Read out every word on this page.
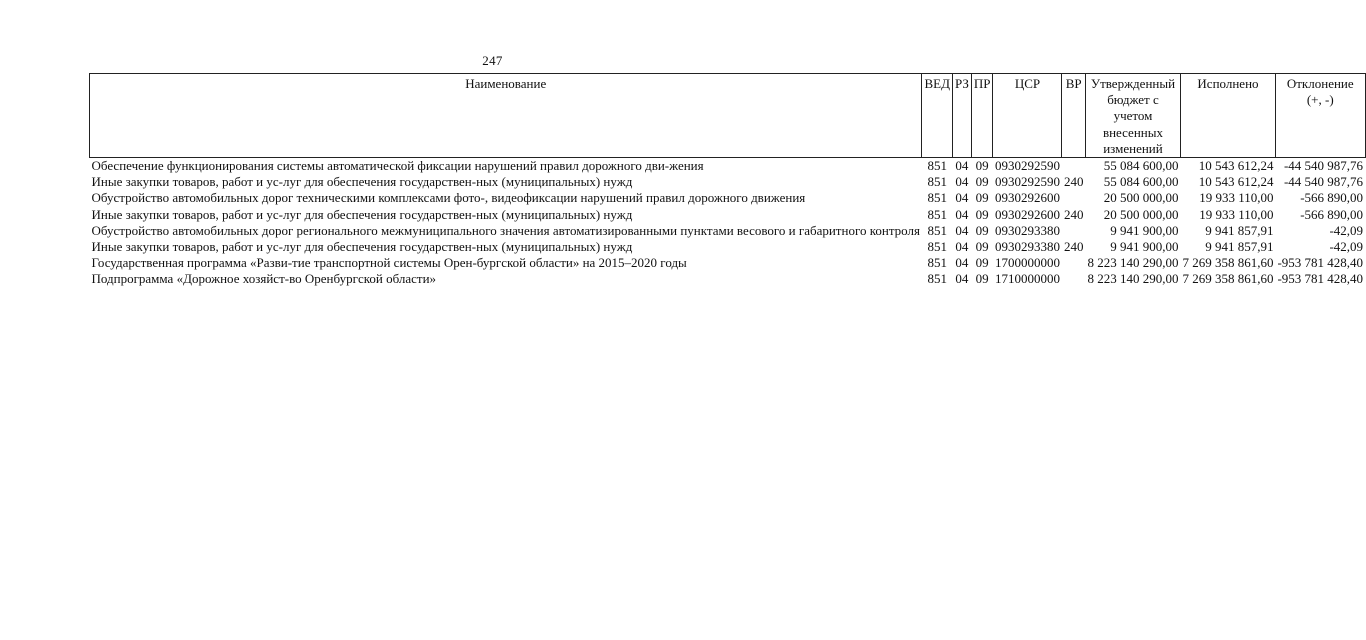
247
Наименование	ВЕД	РЗ	ПР	ЦСР	ВР	Утвержденный бюджет с учетом внесенных изменений	Исполнено	Отклонение (+, -)
Обеспечение функционирования системы автоматической фиксации нарушений правил дорожного дви-жения	851	04	09	0930292590		55 084 600,00	10 543 612,24	-44 540 987,76
Иные закупки товаров, работ и ус-луг для обеспечения государствен-ных (муниципальных) нужд	851	04	09	0930292590	240	55 084 600,00	10 543 612,24	-44 540 987,76
Обустройство автомобильных дорог техническими комплексами фото-, видеофиксации нарушений правил дорожного движения	851	04	09	0930292600		20 500 000,00	19 933 110,00	-566 890,00
Иные закупки товаров, работ и ус-луг для обеспечения государствен-ных (муниципальных) нужд	851	04	09	0930292600	240	20 500 000,00	19 933 110,00	-566 890,00
Обустройство автомобильных дорог регионального межмуниципального значения автоматизированными пунктами весового и габаритного контроля	851	04	09	0930293380		9 941 900,00	9 941 857,91	-42,09
Иные закупки товаров, работ и ус-луг для обеспечения государствен-ных (муниципальных) нужд	851	04	09	0930293380	240	9 941 900,00	9 941 857,91	-42,09
Государственная программа «Разви-тие транспортной системы Орен-бургской области» на 2015–2020 годы	851	04	09	1700000000		8 223 140 290,00	7 269 358 861,60	-953 781 428,40
Подпрограмма «Дорожное хозяйст-во Оренбургской области»	851	04	09	1710000000		8 223 140 290,00	7 269 358 861,60	-953 781 428,40
